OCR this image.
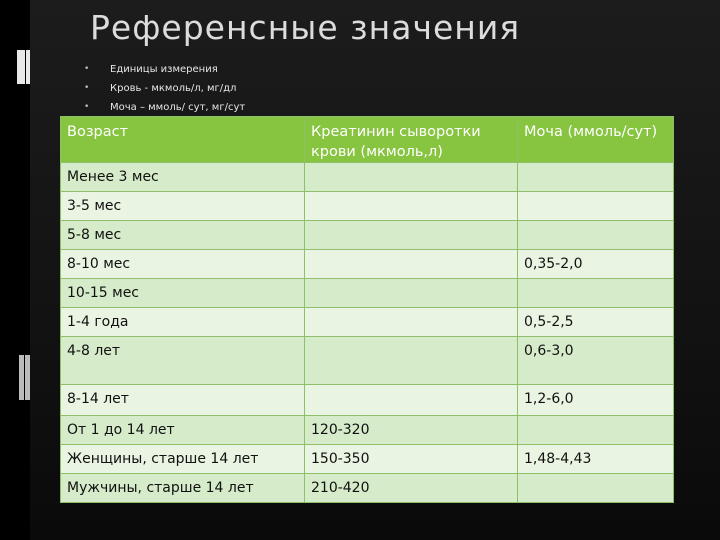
Референсные значения
• Единицы измерения
• Кровь - мкмоль/л, мг/дл
• Моча – ммоль/ сут, мг/сут
Возраст	Креатинин сыворотки крови (мкмоль,л)	Моча (ммоль/сут)
Менее 3 мес		
3-5 мес		
5-8 мес		
8-10 мес		0,35-2,0
10-15 мес		
1-4 года		0,5-2,5
4-8 лет		0,6-3,0
8-14 лет		1,2-6,0
От 1 до 14 лет	120-320	
Женщины, старше 14 лет	150-350	1,48-4,43
Мужчины, старше 14 лет	210-420	
